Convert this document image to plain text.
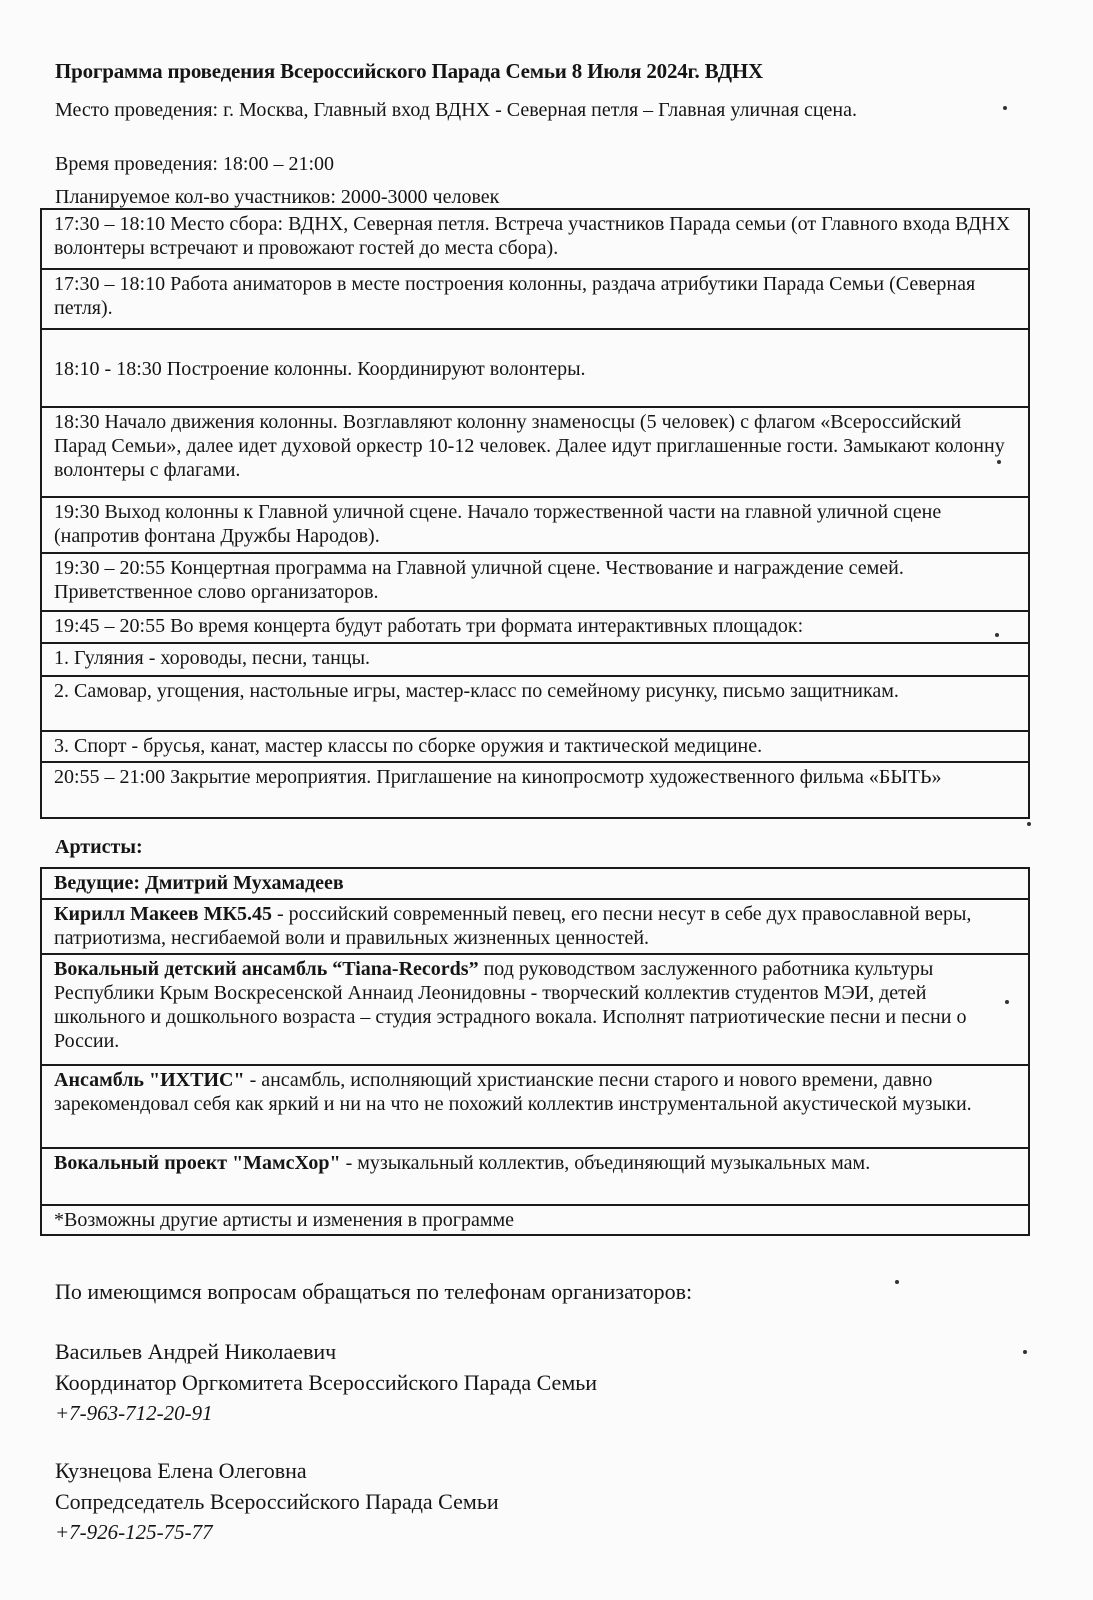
Программа проведения Всероссийского Парада Семьи 8 Июля 2024г. ВДНХ
Место проведения: г. Москва, Главный вход ВДНХ - Северная петля – Главная уличная сцена.
Время проведения: 18:00 – 21:00
Планируемое кол-во участников: 2000-3000 человек
17:30 – 18:10 Место сбора: ВДНХ, Северная петля. Встреча участников Парада семьи (от Главного входа ВДНХ волонтеры встречают и провожают гостей до места сбора).
17:30 – 18:10 Работа аниматоров в месте построения колонны, раздача атрибутики Парада Семьи (Северная петля).
18:10 - 18:30 Построение колонны. Координируют волонтеры.
18:30 Начало движения колонны. Возглавляют колонну знаменосцы (5 человек) с флагом «Всероссийский Парад Семьи», далее идет духовой оркестр 10-12 человек. Далее идут приглашенные гости. Замыкают колонну волонтеры с флагами.
19:30 Выход колонны к Главной уличной сцене. Начало торжественной части на главной уличной сцене (напротив фонтана Дружбы Народов).
19:30 – 20:55 Концертная программа на Главной уличной сцене. Чествование и награждение семей. Приветственное слово организаторов.
19:45 – 20:55 Во время концерта будут работать три формата интерактивных площадок:
1. Гуляния - хороводы, песни, танцы.
2. Самовар, угощения, настольные игры, мастер-класс по семейному рисунку, письмо защитникам.
3. Спорт - брусья, канат, мастер классы по сборке оружия и тактической медицине.
20:55 – 21:00 Закрытие мероприятия. Приглашение на кинопросмотр художественного фильма «БЫТЬ»
Артисты:
Ведущие: Дмитрий Мухамадеев
Кирилл Макеев МК5.45 - российский современный певец, его песни несут в себе дух православной веры, патриотизма, несгибаемой воли и правильных жизненных ценностей.
Вокальный детский ансамбль “Tiana-Records” под руководством заслуженного работника культуры Республики Крым Воскресенской Аннаид Леонидовны - творческий коллектив студентов МЭИ, детей школьного и дошкольного возраста – студия эстрадного вокала. Исполнят патриотические песни и песни о России.
Ансамбль "ИХТИС" - ансамбль, исполняющий христианские песни старого и нового времени, давно зарекомендовал себя как яркий и ни на что не похожий коллектив инструментальной акустической музыки.
Вокальный проект "МамсХор" - музыкальный коллектив, объединяющий музыкальных мам.
*Возможны другие артисты и изменения в программе
По имеющимся вопросам обращаться по телефонам организаторов:
Васильев Андрей Николаевич
Координатор Оргкомитета Всероссийского Парада Семьи
+7-963-712-20-91
Кузнецова Елена Олеговна
Сопредседатель Всероссийского Парада Семьи
+7-926-125-75-77
